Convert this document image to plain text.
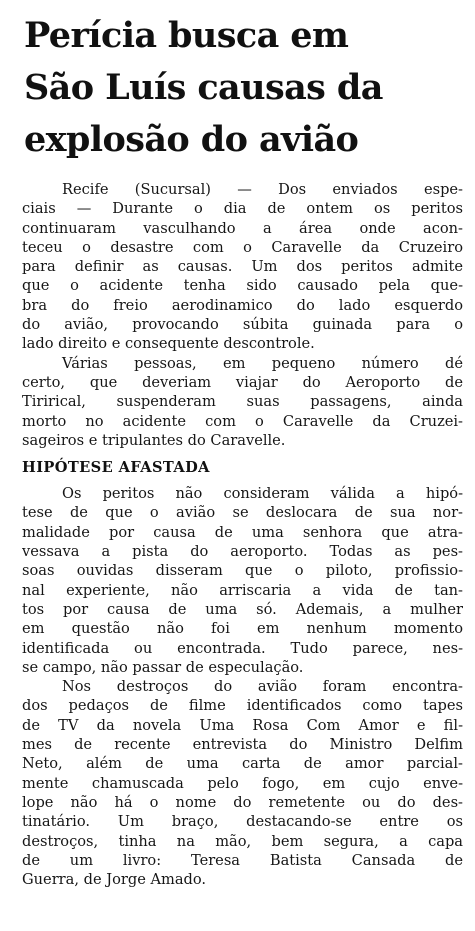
Perícia busca em
São Luís causas da
explosão do avião

Recife (Sucursal) — Dos enviados espe-
ciais — Durante o dia de ontem os peritos
continuaram vasculhando a área onde acon-
teceu o desastre com o Caravelle da Cruzeiro
para definir as causas. Um dos peritos admite
que o acidente tenha sido causado pela que-
bra do freio aerodinamico do lado esquerdo
do avião, provocando súbita guinada para o
lado direito e consequente descontrole.

Várias pessoas, em pequeno número dé
certo, que deveriam viajar do Aeroporto de
Tirirical, suspenderam suas passagens, ainda
morto no acidente com o Caravelle da Cruzei-
sageiros e tripulantes do Caravelle.

HIPÓTESE AFASTADA

Os peritos não consideram válida a hipó-
tese de que o avião se deslocara de sua nor-
malidade por causa de uma senhora que atra-
vessava a pista do aeroporto. Todas as pes-
soas ouvidas disseram que o piloto, profissio-
nal experiente, não arriscaria a vida de tan-
tos por causa de uma só. Ademais, a mulher
em questão não foi em nenhum momento
identificada ou encontrada. Tudo parece, nes-
se campo, não passar de especulação.

Nos destroços do avião foram encontra-
dos pedaços de filme identificados como tapes
de TV da novela Uma Rosa Com Amor e fil-
mes de recente entrevista do Ministro Delfim
Neto, além de uma carta de amor parcial-
mente chamuscada pelo fogo, em cujo enve-
lope não há o nome do remetente ou do des-
tinatário. Um braço, destacando-se entre os
destroços, tinha na mão, bem segura, a capa
de um livro: Teresa Batista Cansada de
Guerra, de Jorge Amado.
